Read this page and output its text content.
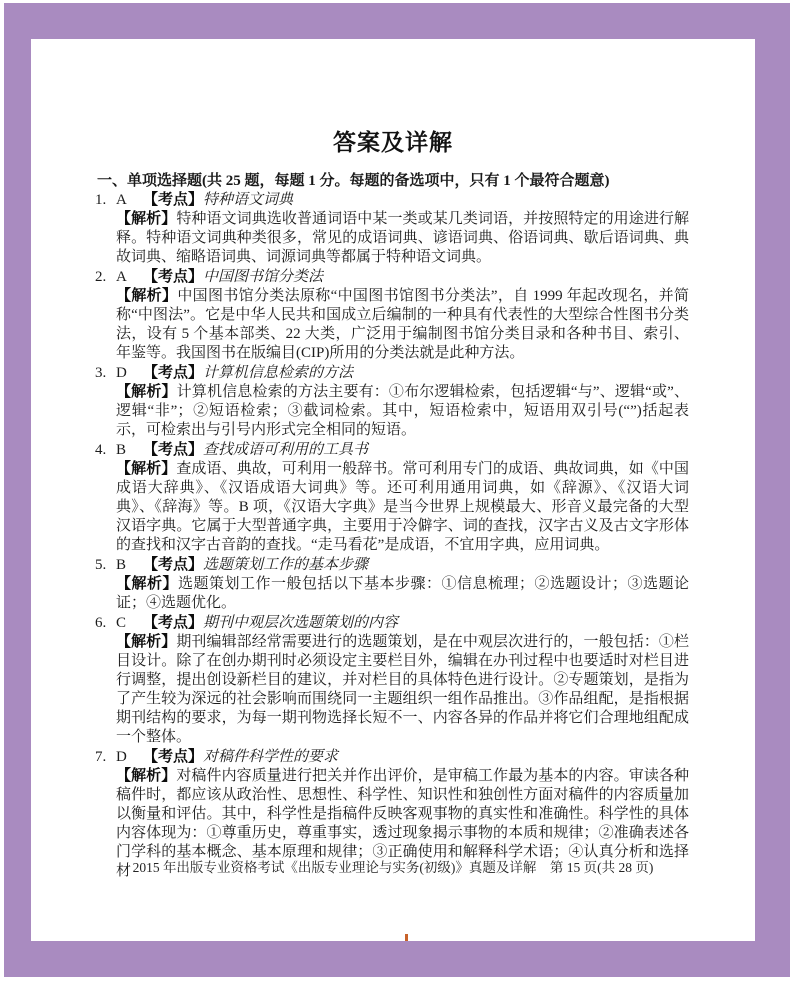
答案及详解
一、单项选择题(共 25 题，每题 1 分。每题的备选项中，只有 1 个最符合题意)
1. A 【考点】特种语文词典

【解析】特种语文词典选收普通词语中某一类或某几类词语，并按照特定的用途进行解释。特种语文词典种类很多，常见的成语词典、谚语词典、俗语词典、歇后语词典、典故词典、缩略语词典、词源词典等都属于特种语文词典。

2. A 【考点】中国图书馆分类法

【解析】中国图书馆分类法原称“中国图书馆图书分类法”，自 1999 年起改现名，并简称“中图法”。它是中华人民共和国成立后编制的一种具有代表性的大型综合性图书分类法，设有 5 个基本部类、22 大类，广泛用于编制图书馆分类目录和各种书目、索引、年鉴等。我国图书在版编目(CIP)所用的分类法就是此种方法。

3. D 【考点】计算机信息检索的方法

【解析】计算机信息检索的方法主要有：①布尔逻辑检索，包括逻辑“与”、逻辑“或”、逻辑“非”；②短语检索；③截词检索。其中，短语检索中，短语用双引号(“”)括起表示，可检索出与引号内形式完全相同的短语。

4. B 【考点】查找成语可利用的工具书

【解析】查成语、典故，可利用一般辞书。常可利用专门的成语、典故词典，如《中国成语大辞典》、《汉语成语大词典》等。还可利用通用词典，如《辞源》、《汉语大词典》、《辞海》等。B 项，《汉语大字典》是当今世界上规模最大、形音义最完备的大型汉语字典。它属于大型普通字典，主要用于冷僻字、词的查找，汉字古义及古文字形体的查找和汉字古音韵的查找。“走马看花”是成语，不宜用字典，应用词典。

5. B 【考点】选题策划工作的基本步骤

【解析】选题策划工作一般包括以下基本步骤：①信息梳理；②选题设计；③选题论证；④选题优化。

6. C 【考点】期刊中观层次选题策划的内容

【解析】期刊编辑部经常需要进行的选题策划，是在中观层次进行的，一般包括：①栏目设计。除了在创办期刊时必须设定主要栏目外，编辑在办刊过程中也要适时对栏目进行调整，提出创设新栏目的建议，并对栏目的具体特色进行设计。②专题策划，是指为了产生较为深远的社会影响而围绕同一主题组织一组作品推出。③作品组配，是指根据期刊结构的要求，为每一期刊物选择长短不一、内容各异的作品并将它们合理地组配成一个整体。

7. D 【考点】对稿件科学性的要求

【解析】对稿件内容质量进行把关并作出评价，是审稿工作最为基本的内容。审读各种稿件时，都应该从政治性、思想性、科学性、知识性和独创性方面对稿件的内容质量加以衡量和评估。其中，科学性是指稿件反映客观事物的真实性和准确性。科学性的具体内容体现为：①尊重历史，尊重事实，透过现象揭示事物的本质和规律；②准确表述各门学科的基本概念、基本原理和规律；③正确使用和解释科学术语；④认真分析和选择材 2015 年出版专业资格考试《出版专业理论与实务(初级)》真题及详解　第 15 页(共 28 页)
